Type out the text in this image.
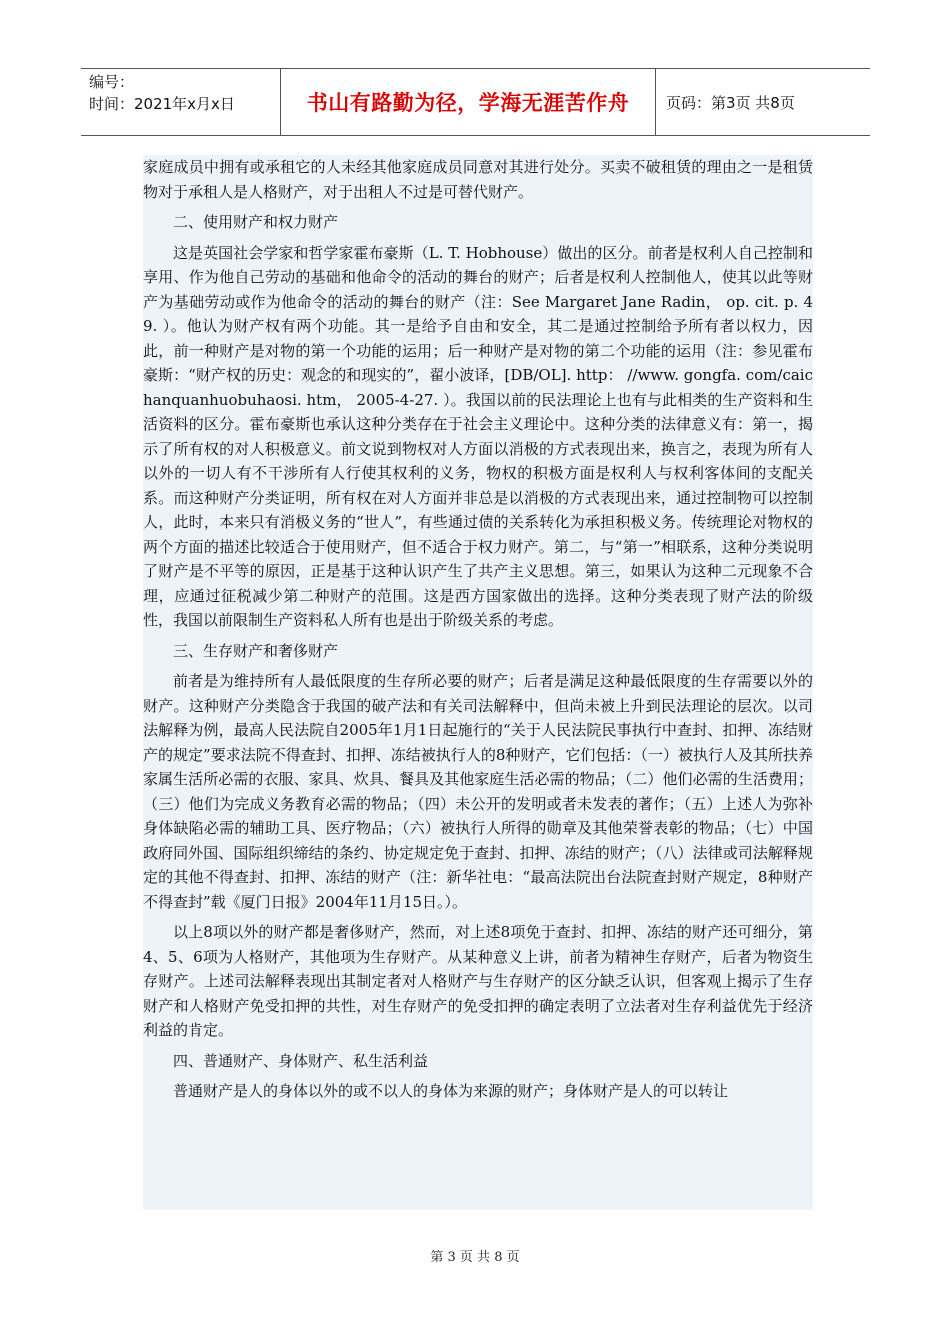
编号：
时间：2021年x月x日	书山有路勤为径，学海无涯苦作舟	页码：第3页 共8页

家庭成员中拥有或承租它的人未经其他家庭成员同意对其进行处分。买卖不破租赁的理由之一是租赁物对于承租人是人格财产，对于出租人不过是可替代财产。

二、使用财产和权力财产

这是英国社会学家和哲学家霍布豪斯（L. T. Hobhouse）做出的区分。前者是权利人自己控制和享用、作为他自己劳动的基础和他命令的活动的舞台的财产；后者是权利人控制他人，使其以此等财产为基础劳动或作为他命令的活动的舞台的财产（注：See Margaret Jane Radin， op. cit. p. 49. ）。他认为财产权有两个功能。其一是给予自由和安全，其二是通过控制给予所有者以权力，因此，前一种财产是对物的第一个功能的运用；后一种财产是对物的第二个功能的运用（注：参见霍布豪斯：“财产权的历史：观念的和现实的”，翟小波译，[DB/OL]. http： //www. gongfa. com/caichanquanhuobuhaosi. htm， 2005-4-27. ）。我国以前的民法理论上也有与此相类的生产资料和生活资料的区分。霍布豪斯也承认这种分类存在于社会主义理论中。这种分类的法律意义有：第一，揭示了所有权的对人积极意义。前文说到物权对人方面以消极的方式表现出来，换言之，表现为所有人以外的一切人有不干涉所有人行使其权利的义务，物权的积极方面是权利人与权利客体间的支配关系。而这种财产分类证明，所有权在对人方面并非总是以消极的方式表现出来，通过控制物可以控制人，此时，本来只有消极义务的“世人”，有些通过债的关系转化为承担积极义务。传统理论对物权的两个方面的描述比较适合于使用财产，但不适合于权力财产。第二，与“第一”相联系，这种分类说明了财产是不平等的原因，正是基于这种认识产生了共产主义思想。第三，如果认为这种二元现象不合理，应通过征税减少第二种财产的范围。这是西方国家做出的选择。这种分类表现了财产法的阶级性，我国以前限制生产资料私人所有也是出于阶级关系的考虑。

三、生存财产和奢侈财产

前者是为维持所有人最低限度的生存所必要的财产；后者是满足这种最低限度的生存需要以外的财产。这种财产分类隐含于我国的破产法和有关司法解释中，但尚未被上升到民法理论的层次。以司法解释为例，最高人民法院自2005年1月1日起施行的“关于人民法院民事执行中查封、扣押、冻结财产的规定”要求法院不得查封、扣押、冻结被执行人的8种财产，它们包括：（一）被执行人及其所扶养家属生活所必需的衣服、家具、炊具、餐具及其他家庭生活必需的物品；（二）他们必需的生活费用；（三）他们为完成义务教育必需的物品；（四）未公开的发明或者未发表的著作；（五）上述人为弥补身体缺陷必需的辅助工具、医疗物品；（六）被执行人所得的勋章及其他荣誉表彰的物品；（七）中国政府同外国、国际组织缔结的条约、协定规定免于查封、扣押、冻结的财产；（八）法律或司法解释规定的其他不得查封、扣押、冻结的财产（注：新华社电：“最高法院出台法院查封财产规定，8种财产不得查封”载《厦门日报》2004年11月15日。）。

以上8项以外的财产都是奢侈财产，然而，对上述8项免于查封、扣押、冻结的财产还可细分，第4、5、6项为人格财产，其他项为生存财产。从某种意义上讲，前者为精神生存财产，后者为物资生存财产。上述司法解释表现出其制定者对人格财产与生存财产的区分缺乏认识，但客观上揭示了生存财产和人格财产免受扣押的共性，对生存财产的免受扣押的确定表明了立法者对生存利益优先于经济利益的肯定。

四、普通财产、身体财产、私生活利益

普通财产是人的身体以外的或不以人的身体为来源的财产；身体财产是人的可以转让

第 3 页 共 8 页
